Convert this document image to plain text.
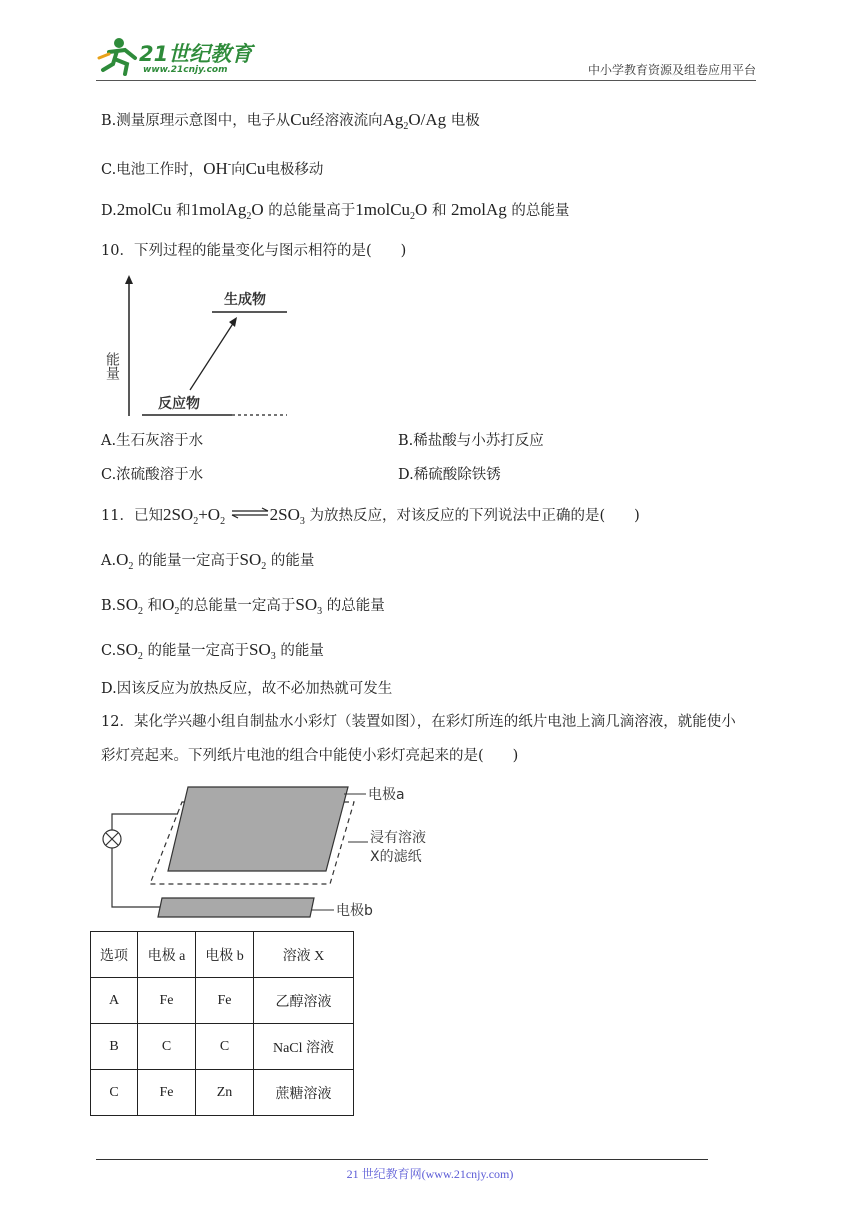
21世纪教育
www.21cnjy.com	中小学教育资源及组卷应用平台
B.测量原理示意图中，电子从Cu经溶液流向$Ag_2O/Ag$ 电极
C.电池工作时，OH-向Cu电极移动
D.2molCu 和1molAg$_2$O 的总能量高于1molCu$_2$O 和 2molAg 的总能量
10．下列过程的能量变化与图示相符的是(　　)
能量
生成物
反应物
A.生石灰溶于水	B.稀盐酸与小苏打反应
C.浓硫酸溶于水	D.稀硫酸除铁锈
11．已知$2SO_2+O_2$ $\rightleftharpoons 2SO_3$ 为放热反应，对该反应的下列说法中正确的是(　　)
$A.O_2$ 的能量一定高于$SO_2$ 的能量
$B.SO_2$ 和$O_2$的总能量一定高于$SO_3$ 的总能量
$C.SO_2$ 的能量一定高于$SO_3$ 的能量
D.因该反应为放热反应，故不必加热就可发生
12．某化学兴趣小组自制盐水小彩灯（装置如图），在彩灯所连的纸片电池上滴几滴溶液，就能使小
彩灯亮起来。下列纸片电池的组合中能使小彩灯亮起来的是(　　)
电极a
浸有溶液
X的滤纸
电极b
选项	电极 a	电极 b	溶液 X
A	Fe	Fe	乙醇溶液
B	C	C	NaCl 溶液
C	Fe	Zn	蔗糖溶液
21 世纪教育网(www.21cnjy.com)
